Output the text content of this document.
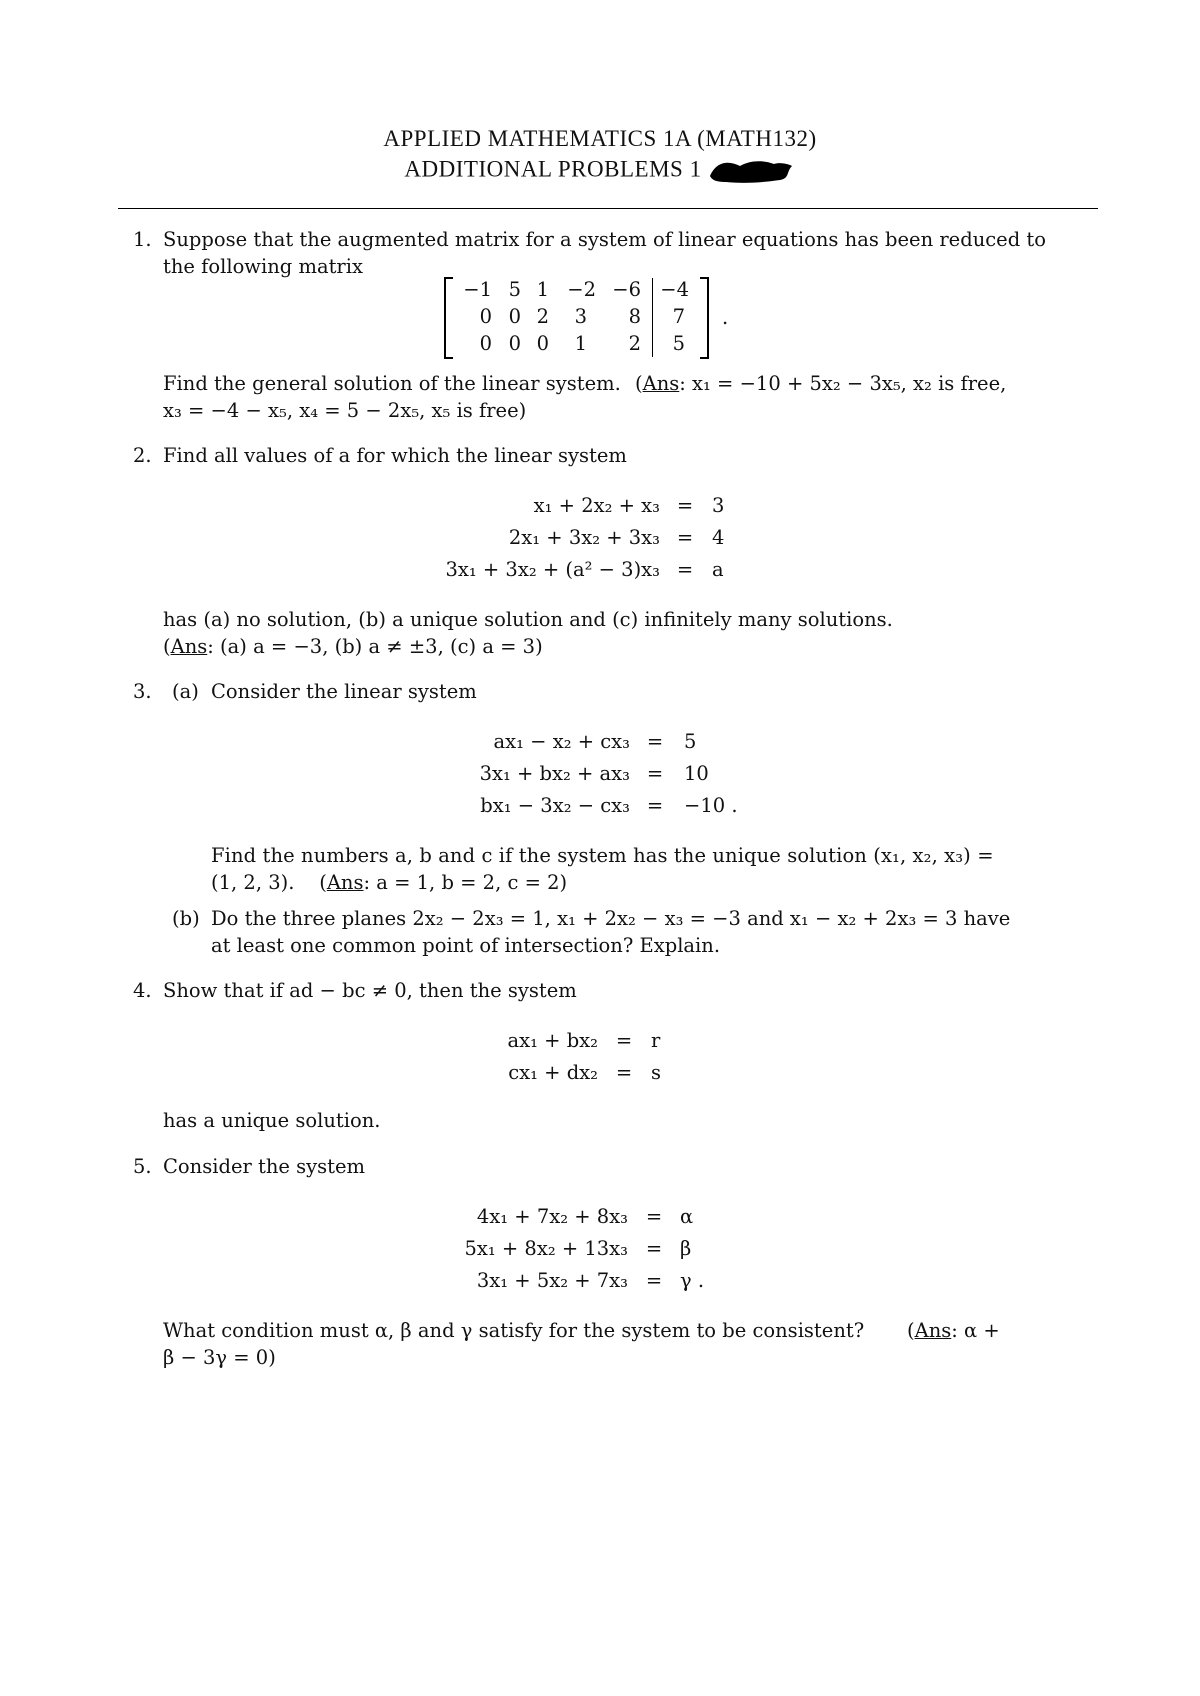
APPLIED MATHEMATICS 1A (MATH132)
ADDITIONAL PROBLEMS 1
1. Suppose that the augmented matrix for a system of linear equations has been reduced to
the following matrix
−1 5 1 −2 −6 −4
0 0 2	3	8	7
0 0 0	1	2	5
.
Find the general solution of the linear system. (Ans: x₁ = −10 + 5x₂ − 3x₅, x₂ is free,
x₃ = −4 − x₅, x₄ = 5 − 2x₅, x₅ is free)
2. Find all values of a for which the linear system
x₁ + 2x₂ + x₃ = 3
2x₁ + 3x₂ + 3x₃ = 4
3x₁ + 3x₂ + (a² − 3)x₃ = a
has (a) no solution, (b) a unique solution and (c) infinitely many solutions.
(Ans: (a) a = −3, (b) a ≠ ±3, (c) a = 3)
3. (a) Consider the linear system
ax₁ − x₂ + cx₃ = 5
3x₁ + bx₂ + ax₃ = 10
bx₁ − 3x₂ − cx₃ = −10 .
Find the numbers a, b and c if the system has the unique solution (x₁, x₂, x₃) =
(1, 2, 3).    (Ans: a = 1, b = 2, c = 2)
(b) Do the three planes 2x₂ − 2x₃ = 1, x₁ + 2x₂ − x₃ = −3 and x₁ − x₂ + 2x₃ = 3 have
at least one common point of intersection? Explain.
4. Show that if ad − bc ≠ 0, then the system
ax₁ + bx₂ = r
cx₁ + dx₂ = s
has a unique solution.
5. Consider the system
4x₁ + 7x₂ + 8x₃ = α
5x₁ + 8x₂ + 13x₃ = β
3x₁ + 5x₂ + 7x₃ = γ .
What condition must α, β and γ satisfy for the system to be consistent? (Ans: α +
β − 3γ = 0)
